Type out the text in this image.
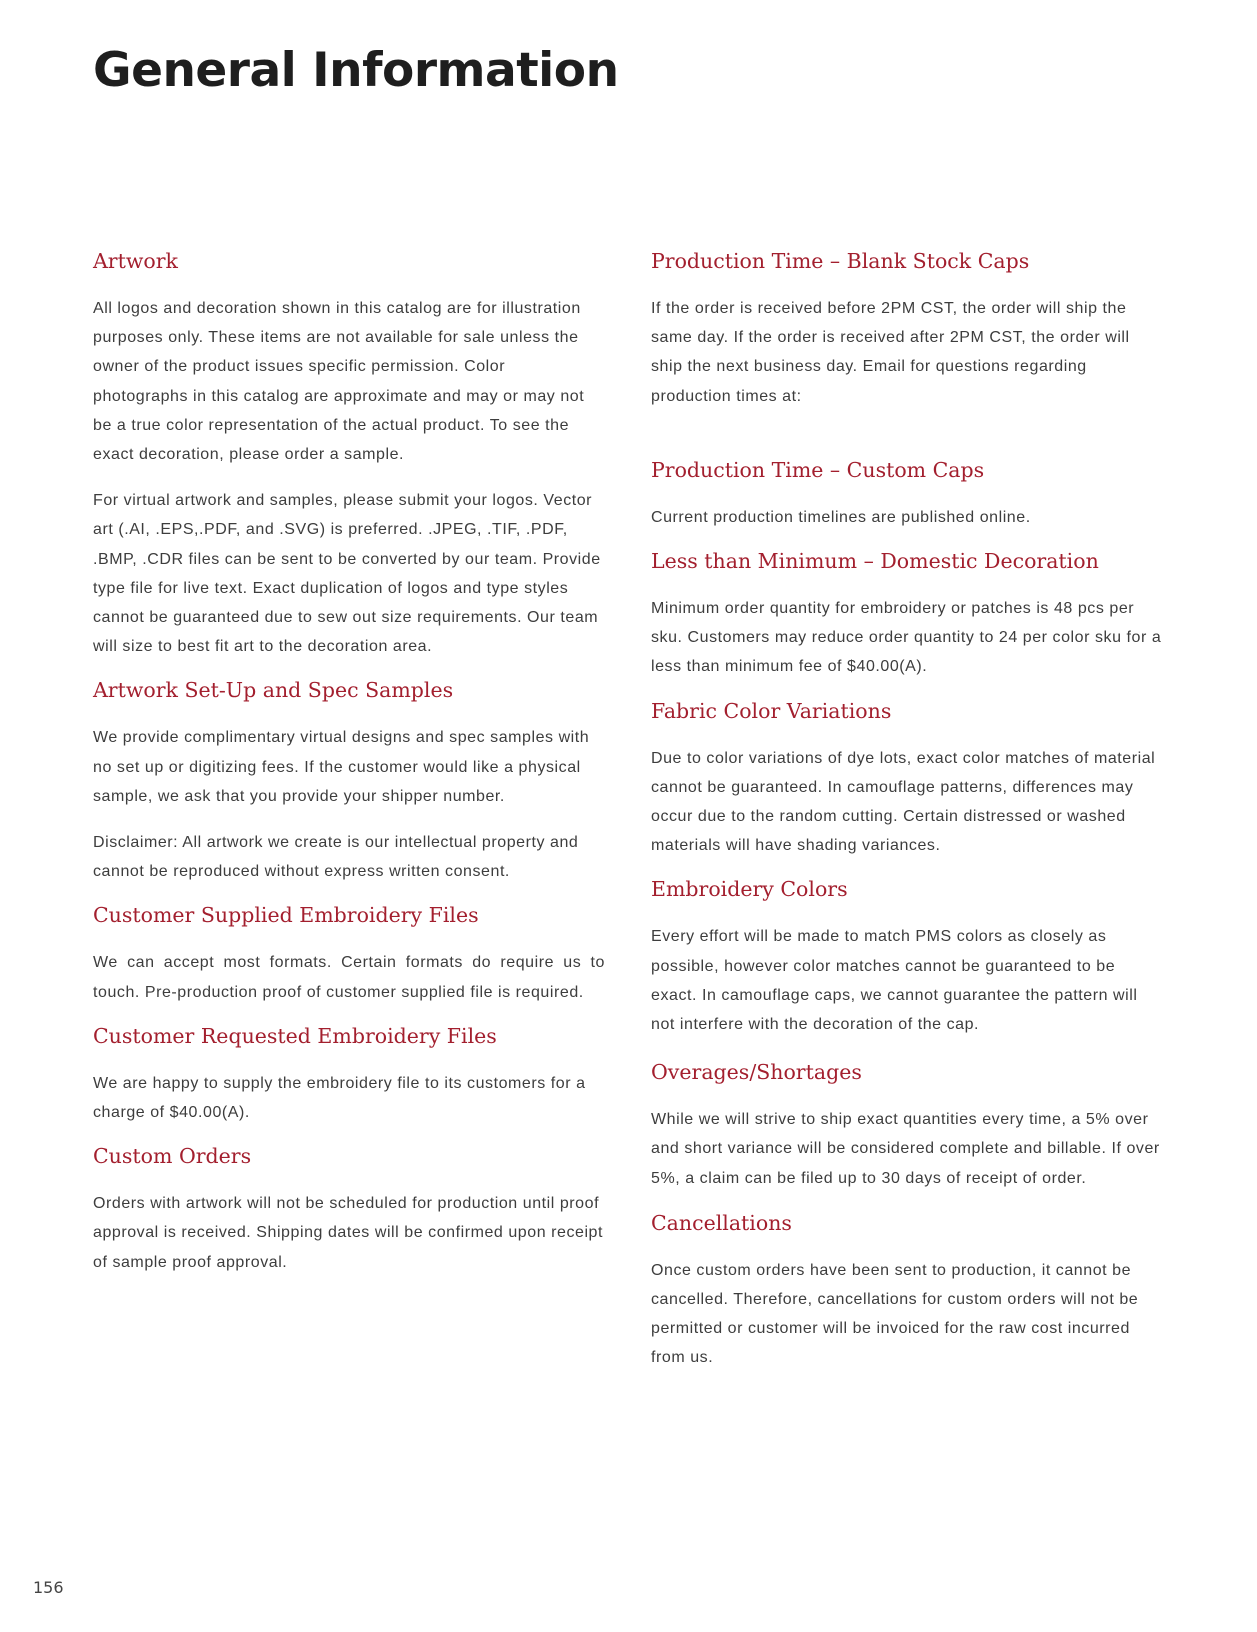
General Information
Artwork

All logos and decoration shown in this catalog are for illustration purposes only. These items are not available for sale unless the owner of the product issues specific permission. Color photographs in this catalog are approximate and may or may not be a true color representation of the actual product. To see the exact decoration, please order a sample.

For virtual artwork and samples, please submit your logos. Vector art (.AI, .EPS,.PDF, and .SVG) is preferred. .JPEG, .TIF, .PDF, .BMP, .CDR files can be sent to be converted by our team. Provide type file for live text. Exact duplication of logos and type styles cannot be guaranteed due to sew out size requirements. Our team will size to best fit art to the decoration area.

Artwork Set-Up and Spec Samples

We provide complimentary virtual designs and spec samples with no set up or digitizing fees. If the customer would like a physical sample, we ask that you provide your shipper number.

Disclaimer: All artwork we create is our intellectual property and cannot be reproduced without express written consent.

Customer Supplied Embroidery Files

We can accept most formats. Certain formats do require us to touch. Pre-production proof of customer supplied file is required.

Customer Requested Embroidery Files

We are happy to supply the embroidery file to its customers for a charge of $40.00(A).

Custom Orders

Orders with artwork will not be scheduled for production until proof approval is received. Shipping dates will be confirmed upon receipt of sample proof approval.

Production Time – Blank Stock Caps

If the order is received before 2PM CST, the order will ship the same day. If the order is received after 2PM CST, the order will ship the next business day. Email for questions regarding production times at:

Production Time – Custom Caps

Current production timelines are published online.

Less than Minimum – Domestic Decoration

Minimum order quantity for embroidery or patches is 48 pcs per sku. Customers may reduce order quantity to 24 per color sku for a less than minimum fee of $40.00(A).

Fabric Color Variations

Due to color variations of dye lots, exact color matches of material cannot be guaranteed. In camouflage patterns, differences may occur due to the random cutting. Certain distressed or washed materials will have shading variances.

Embroidery Colors

Every effort will be made to match PMS colors as closely as possible, however color matches cannot be guaranteed to be exact. In camouflage caps, we cannot guarantee the pattern will not interfere with the decoration of the cap.

Overages/Shortages

While we will strive to ship exact quantities every time, a 5% over and short variance will be considered complete and billable. If over 5%, a claim can be filed up to 30 days of receipt of order.

Cancellations

Once custom orders have been sent to production, it cannot be cancelled. Therefore, cancellations for custom orders will not be permitted or customer will be invoiced for the raw cost incurred from us.

156
